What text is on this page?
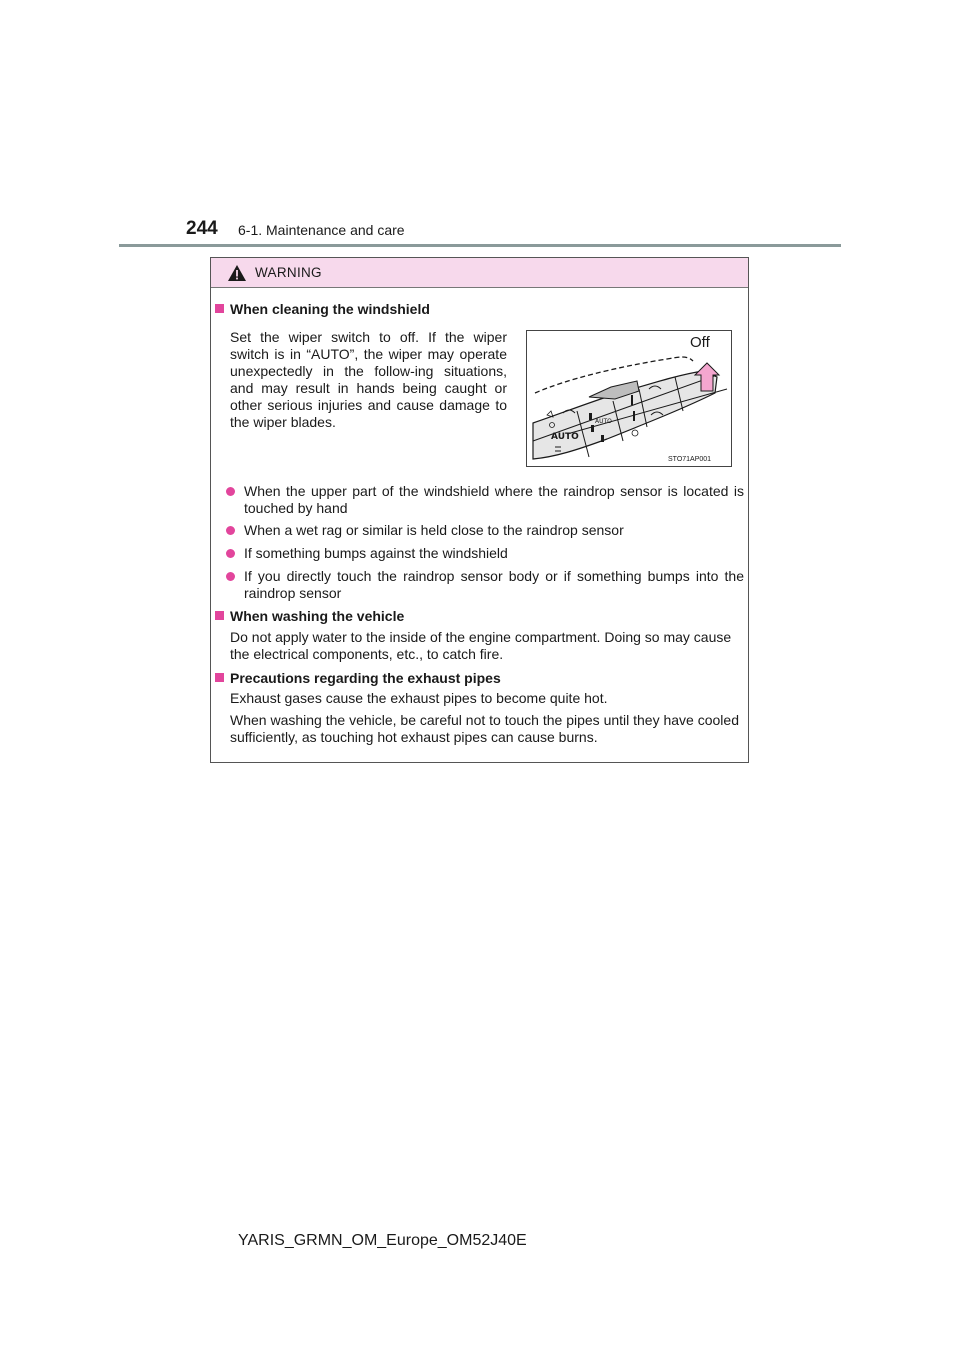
244 6-1. Maintenance and care
WARNING
When cleaning the windshield
Set the wiper switch to off. If the wiper switch is in “AUTO”, the wiper may operate unexpectedly in the follow-ing situations, and may result in hands being caught or other serious injuries and cause damage to the wiper blades.
AUTO
AUTO
Off
STO71AP001
When the upper part of the windshield where the raindrop sensor is located is touched by hand
When a wet rag or similar is held close to the raindrop sensor
If something bumps against the windshield
If you directly touch the raindrop sensor body or if something bumps into the raindrop sensor
When washing the vehicle
Do not apply water to the inside of the engine compartment. Doing so may cause the electrical components, etc., to catch fire.
Precautions regarding the exhaust pipes
Exhaust gases cause the exhaust pipes to become quite hot.
When washing the vehicle, be careful not to touch the pipes until they have cooled sufficiently, as touching hot exhaust pipes can cause burns.
YARIS_GRMN_OM_Europe_OM52J40E
